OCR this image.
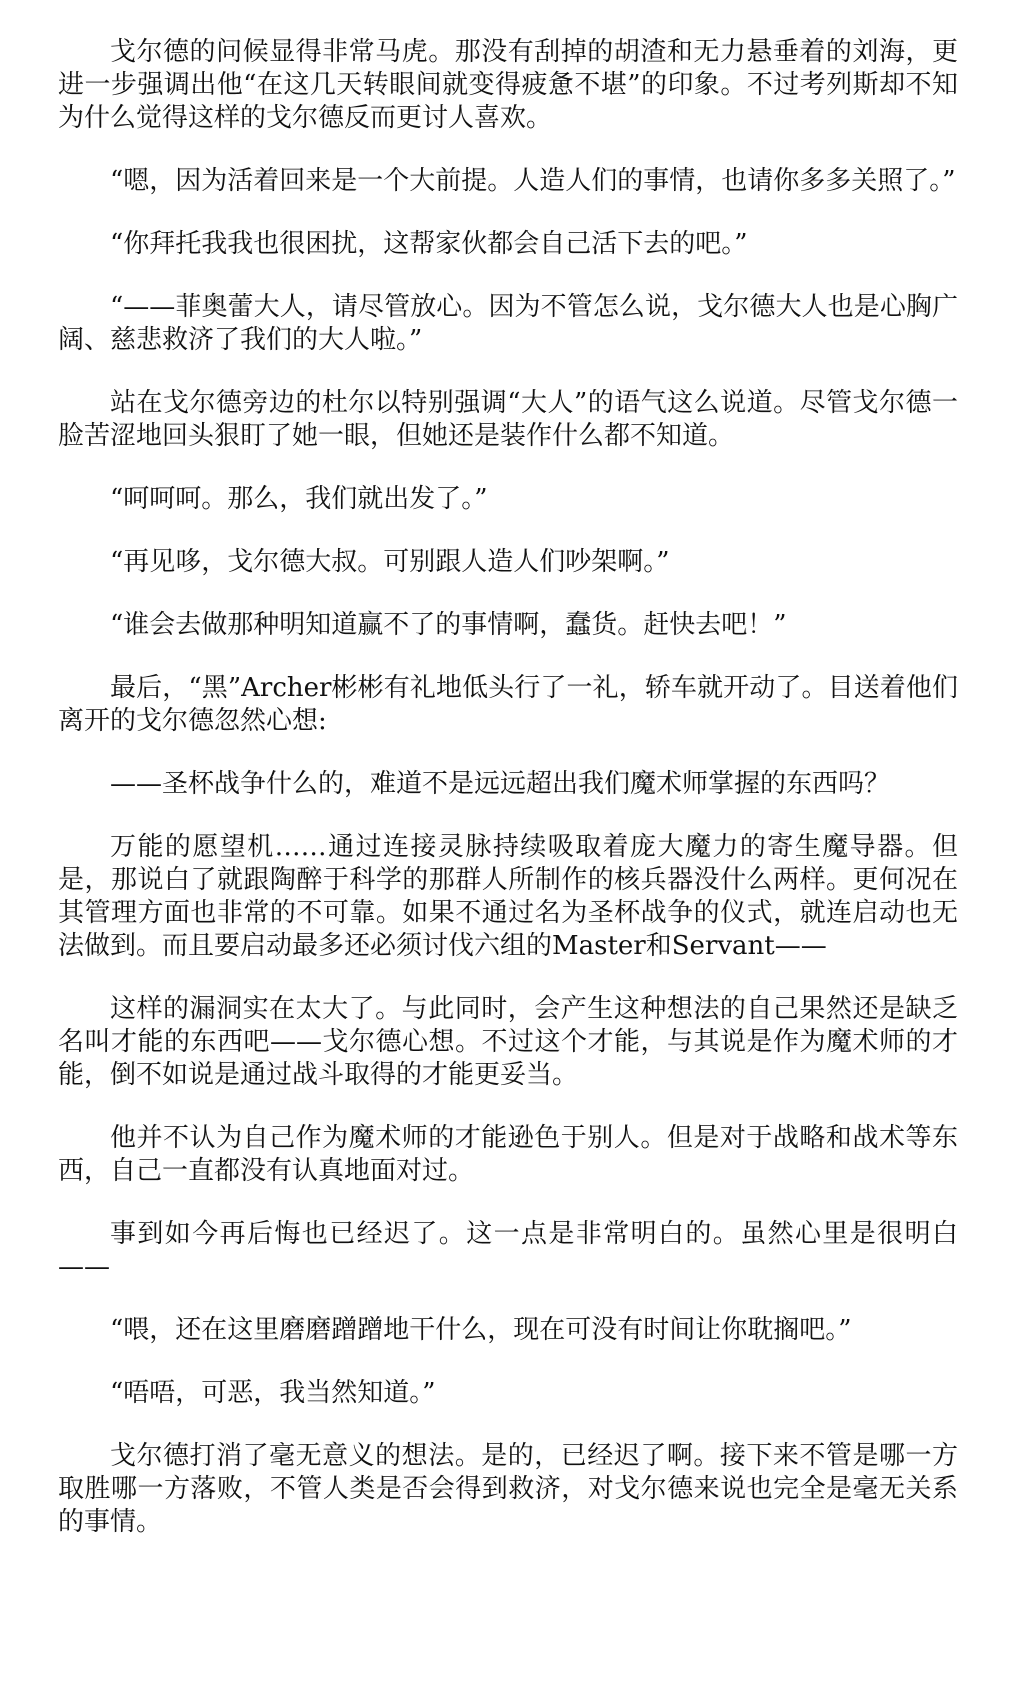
戈尔德的问候显得非常马虎。那没有刮掉的胡渣和无力悬垂着的刘海，更进一步强调出他“在这几天转眼间就变得疲惫不堪”的印象。不过考列斯却不知为什么觉得这样的戈尔德反而更讨人喜欢。

“嗯，因为活着回来是一个大前提。人造人们的事情，也请你多多关照了。”

“你拜托我我也很困扰，这帮家伙都会自己活下去的吧。”

“——菲奥蕾大人，请尽管放心。因为不管怎么说，戈尔德大人也是心胸广阔、慈悲救济了我们的大人啦。”

站在戈尔德旁边的杜尔以特别强调“大人”的语气这么说道。尽管戈尔德一脸苦涩地回头狠盯了她一眼，但她还是装作什么都不知道。

“呵呵呵。那么，我们就出发了。”

“再见哆，戈尔德大叔。可别跟人造人们吵架啊。”

“谁会去做那种明知道赢不了的事情啊，蠢货。赶快去吧！”

最后，“黑”Archer彬彬有礼地低头行了一礼，轿车就开动了。目送着他们离开的戈尔德忽然心想:

——圣杯战争什么的，难道不是远远超出我们魔术师掌握的东西吗？

万能的愿望机……通过连接灵脉持续吸取着庞大魔力的寄生魔导器。但是，那说白了就跟陶醉于科学的那群人所制作的核兵器没什么两样。更何况在其管理方面也非常的不可靠。如果不通过名为圣杯战争的仪式，就连启动也无法做到。而且要启动最多还必须讨伐六组的Master和Servant——

这样的漏洞实在太大了。与此同时，会产生这种想法的自己果然还是缺乏名叫才能的东西吧——戈尔德心想。不过这个才能，与其说是作为魔术师的才能，倒不如说是通过战斗取得的才能更妥当。

他并不认为自己作为魔术师的才能逊色于别人。但是对于战略和战术等东西，自己一直都没有认真地面对过。

事到如今再后悔也已经迟了。这一点是非常明白的。虽然心里是很明白——

“喂，还在这里磨磨蹭蹭地干什么，现在可没有时间让你耽搁吧。”

“唔唔，可恶，我当然知道。”

戈尔德打消了毫无意义的想法。是的，已经迟了啊。接下来不管是哪一方取胜哪一方落败，不管人类是否会得到救济，对戈尔德来说也完全是毫无关系的事情。
